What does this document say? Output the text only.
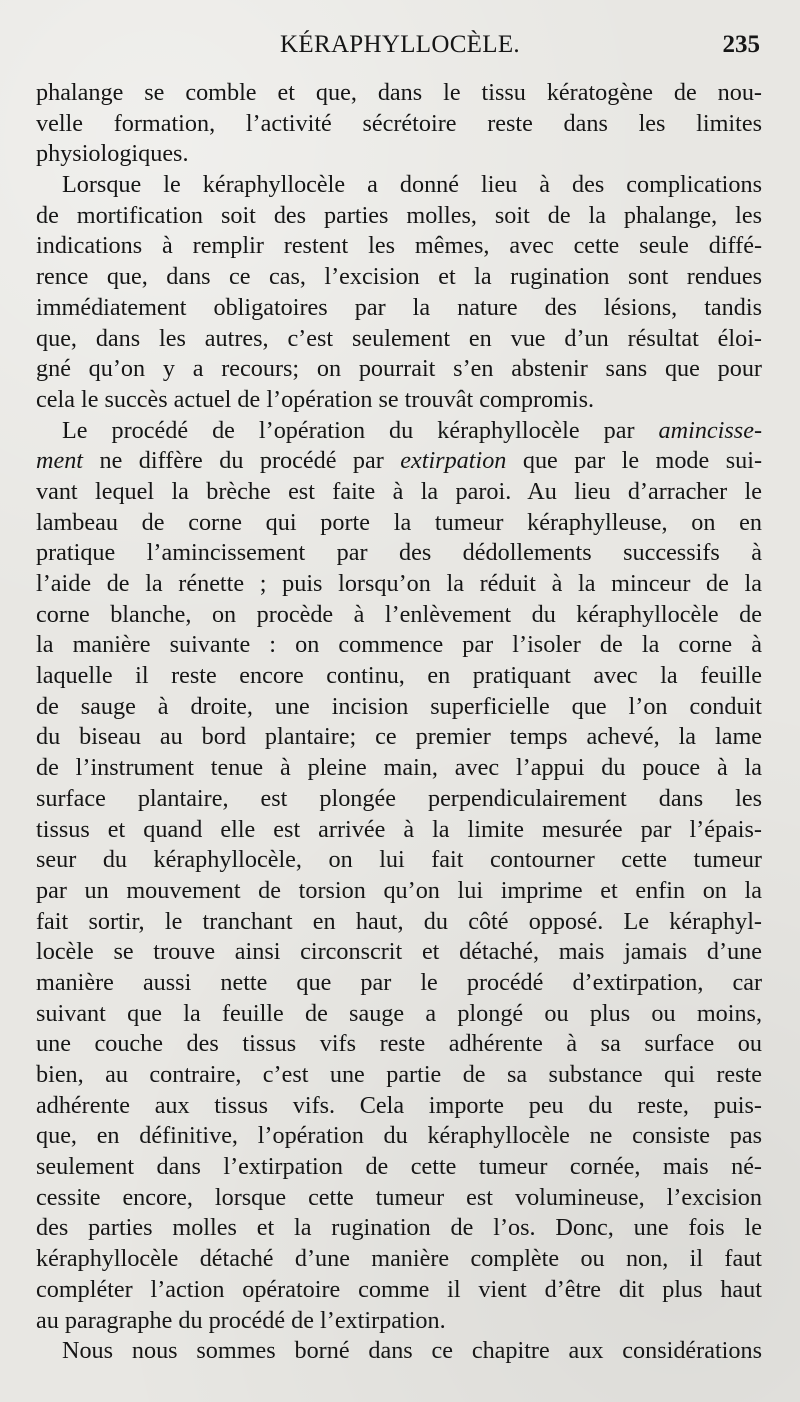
KÉRAPHYLLOCÈLE.	235
phalange se comble et que, dans le tissu kératogène de nou-
velle formation, l’activité sécrétoire reste dans les limites
physiologiques.
Lorsque le kéraphyllocèle a donné lieu à des complications
de mortification soit des parties molles, soit de la phalange, les
indications à remplir restent les mêmes, avec cette seule diffé-
rence que, dans ce cas, l’excision et la rugination sont rendues
immédiatement obligatoires par la nature des lésions, tandis
que, dans les autres, c’est seulement en vue d’un résultat éloi-
gné qu’on y a recours; on pourrait s’en abstenir sans que pour
cela le succès actuel de l’opération se trouvât compromis.
Le procédé de l’opération du kéraphyllocèle par amincisse-
ment ne diffère du procédé par extirpation que par le mode sui-
vant lequel la brèche est faite à la paroi. Au lieu d’arracher le
lambeau de corne qui porte la tumeur kéraphylleuse, on en
pratique l’amincissement par des dédollements successifs à
l’aide de la rénette ; puis lorsqu’on la réduit à la minceur de la
corne blanche, on procède à l’enlèvement du kéraphyllocèle de
la manière suivante : on commence par l’isoler de la corne à
laquelle il reste encore continu, en pratiquant avec la feuille
de sauge à droite, une incision superficielle que l’on conduit
du biseau au bord plantaire; ce premier temps achevé, la lame
de l’instrument tenue à pleine main, avec l’appui du pouce à la
surface plantaire, est plongée perpendiculairement dans les
tissus et quand elle est arrivée à la limite mesurée par l’épais-
seur du kéraphyllocèle, on lui fait contourner cette tumeur
par un mouvement de torsion qu’on lui imprime et enfin on la
fait sortir, le tranchant en haut, du côté opposé. Le kéraphyl-
locèle se trouve ainsi circonscrit et détaché, mais jamais d’une
manière aussi nette que par le procédé d’extirpation, car
suivant que la feuille de sauge a plongé ou plus ou moins,
une couche des tissus vifs reste adhérente à sa surface ou
bien, au contraire, c’est une partie de sa substance qui reste
adhérente aux tissus vifs. Cela importe peu du reste, puis-
que, en définitive, l’opération du kéraphyllocèle ne consiste pas
seulement dans l’extirpation de cette tumeur cornée, mais né-
cessite encore, lorsque cette tumeur est volumineuse, l’excision
des parties molles et la rugination de l’os. Donc, une fois le
kéraphyllocèle détaché d’une manière complète ou non, il faut
compléter l’action opératoire comme il vient d’être dit plus haut
au paragraphe du procédé de l’extirpation.
Nous nous sommes borné dans ce chapitre aux considérations
